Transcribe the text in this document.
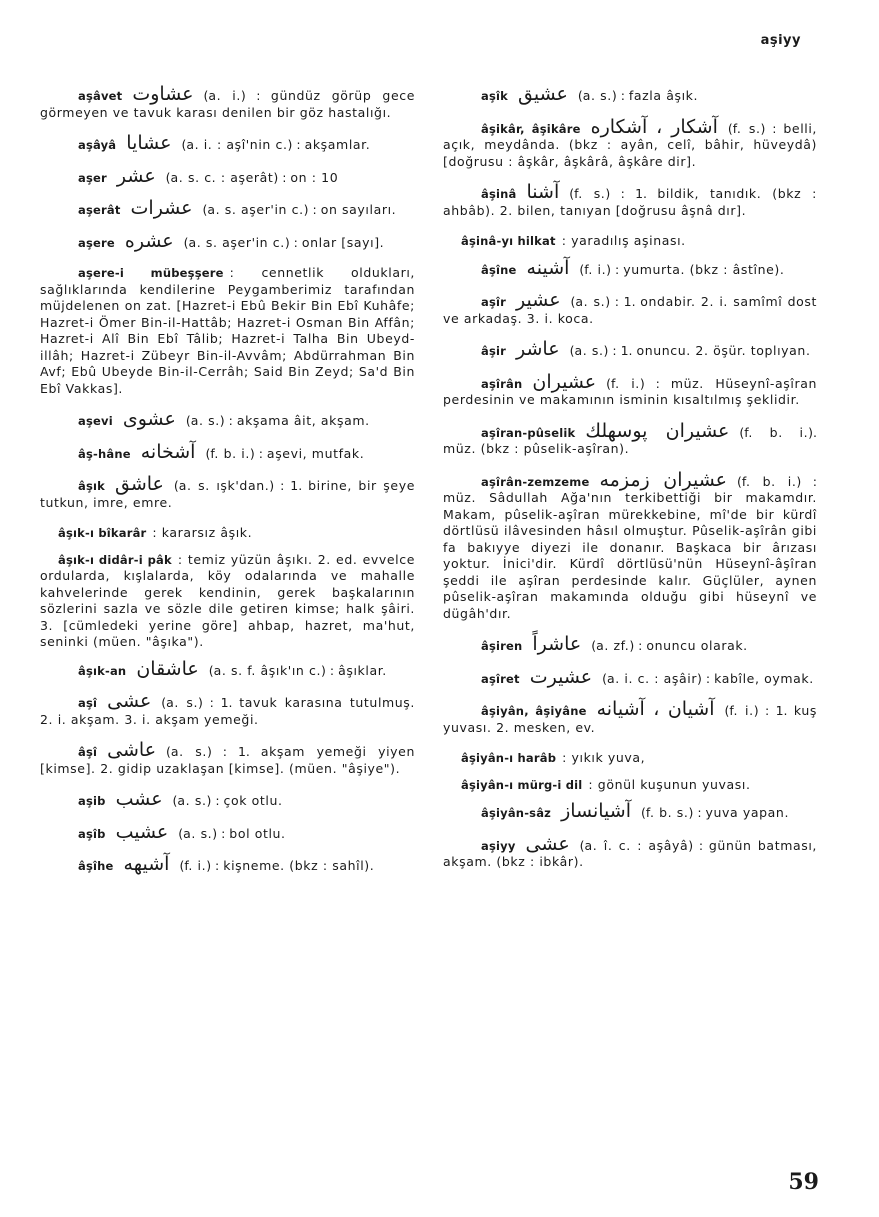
aşiyy

aşâvet عشاوت (a. i.) : gündüz görüp gece görmeyen ve tavuk karası denilen bir göz hastalığı.

aşâyâ عشايا (a. i. : aşî'nin c.) : akşamlar.

aşer عشر (a. s. c. : aşerât) : on : 10

aşerât عشرات (a. s. aşer'in c.) : on sayıları.

aşere عشره (a. s. aşer'in c.) : onlar [sayı].

aşere-i mübeşşere : cennetlik oldukları, sağlıklarında kendilerine Peygamberimiz tarafından müjdelenen on zat. [Hazret-i Ebû Bekir Bin Ebî Kuhâfe; Hazret-i Ömer Bin-il-Hattâb; Hazret-i Osman Bin Affân; Hazret-i Alî Bin Ebî Tâlib; Hazret-i Talha Bin Ubeyd-illâh; Hazret-i Zübeyr Bin-il-Avvâm; Abdürrahman Bin Avf; Ebû Ubeyde Bin-il-Cerrâh; Said Bin Zeyd; Sa'd Bin Ebî Vakkas].

aşevi عشوى (a. s.) : akşama âit, akşam.

âş-hâne آشخانه (f. b. i.) : aşevi, mutfak.

âşık عاشق (a. s. ışk'dan.) : 1. birine, bir şeye tutkun, imre, emre.

âşık-ı bîkarâr : kararsız âşık.

âşık-ı didâr-i pâk : temiz yüzün âşıkı. 2. ed. evvelce ordularda, kışlalarda, köy odalarında ve mahalle kahvelerinde gerek kendinin, gerek başkalarının sözlerini sazla ve sözle dile getiren kimse; halk şâiri. 3. [cümledeki yerine göre] ahbap, hazret, ma'hut, seninki (müen. "âşıka").

âşık-an عاشقان (a. s. f. âşık'ın c.) : âşıklar.

aşî عشى (a. s.) : 1. tavuk karasına tutulmuş. 2. i. akşam. 3. i. akşam yemeği.

âşî عاشى (a. s.) : 1. akşam yemeği yiyen [kimse]. 2. gidip uzaklaşan [kimse]. (müen. "âşiye").

aşib عشب (a. s.) : çok otlu.

aşîb عشيب (a. s.) : bol otlu.

âşîhe آشيهه (f. i.) : kişneme. (bkz : sahîl).

aşîk عشيق (a. s.) : fazla âşık.

âşikâr, âşikâre آشكار ، آشكاره (f. s.) : belli, açık, meydânda. (bkz : ayân, celî, bâhir, hüveydâ) [doğrusu : âşkâr, âşkârâ, âşkâre dir].

âşinâ آشنا (f. s.) : 1. bildik, tanıdık. (bkz : ahbâb). 2. bilen, tanıyan [doğrusu âşnâ dır].

âşinâ-yı hilkat : yaradılış aşinası.

âşîne آشينه (f. i.) : yumurta. (bkz : âstîne).

aşîr عشير (a. s.) : 1. ondabir. 2. i. samîmî dost ve arkadaş. 3. i. koca.

âşir عاشر (a. s.) : 1. onuncu. 2. öşür. toplıyan.

aşîrân عشيران (f. i.) : müz. Hüseynî-aşîran perdesinin ve makamının isminin kısaltılmış şeklidir.

aşîran-pûselik عشيران پوسهلك (f. b. i.). müz. (bkz : pûselik-aşîran).

aşîrân-zemzeme عشيران زمزمه (f. b. i.) : müz. Sâdullah Ağa'nın terkibettiği bir makamdır. Makam, pûselik-aşîran mürekkebine, mî'de bir kürdî dörtlüsü ilâvesinden hâsıl olmuştur. Pûselik-aşîrân gibi fa bakıyye diyezi ile donanır. Başkaca bir ârızası yoktur. İnici'dir. Kürdî dörtlüsü'nün Hüseynî-âşîran şeddi ile aşîran perdesinde kalır. Güçlüler, aynen pûselik-aşîran makamında olduğu gibi hüseynî ve dügâh'dır.

âşiren عاشراً (a. zf.) : onuncu olarak.

aşîret عشيرت (a. i. c. : aşâir) : kabîle, oymak.

âşiyân, âşiyâne آشيان ، آشيانه (f. i.) : 1. kuş yuvası. 2. mesken, ev.

âşiyân-ı harâb : yıkık yuva,

âşiyân-ı mürg-i dil : gönül kuşunun yuvası.

âşiyân-sâz آشيانساز (f. b. s.) : yuva yapan.

aşiyy عشى (a. î. c. : aşâyâ) : günün batması, akşam. (bkz : ibkâr).

59
